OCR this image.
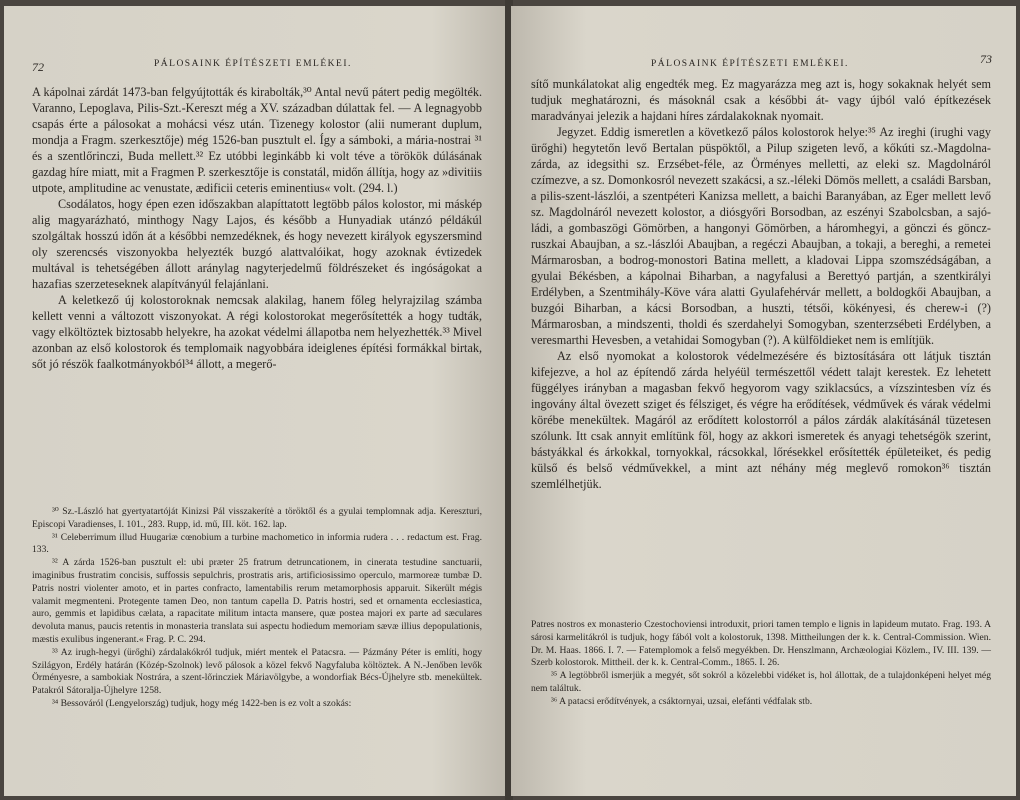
72	PÁLOSAINK ÉPÍTÉSZETI EMLÉKEI.

A kápolnai zárdát 1473-ban felgyújtották és kirabolták,³⁰ Antal nevű pátert pedig megölték. Varanno, Lepoglava, Pilis-Szt.-Kereszt még a XV. században dúlattak fel. — A legnagyobb csapás érte a pálosokat a mohácsi vész után. Tizenegy kolostor (alii numerant duplum, mondja a Fragm. szerkesztője) még 1526-ban pusztult el. Így a sámboki, a mária-nostrai ³¹ és a szentlőrinczi, Buda mellett.³² Ez utóbbi leginkább ki volt téve a törökök dúlásának gazdag híre miatt, mit a Fragmen P. szerkesztője is constatál, midőn állítja, hogy az »divitiis utpote, amplitudine ac venustate, ædificii ceteris eminentius« volt. (294. l.)

Csodálatos, hogy épen ezen időszakban alapíttatott legtöbb pálos kolostor, mi máskép alig magyarázható, minthogy Nagy Lajos, és később a Hunyadiak utánzó példákúl szolgáltak hosszú időn át a későbbi nemzedéknek, és hogy nevezett királyok egyszersmind oly szerencsés viszonyokba helyezték buzgó alattvalóikat, hogy azoknak évtizedek multával is tehetségében állott aránylag nagyterjedelmű földrészeket és ingóságokat a hazafias szerzeteseknek alapítványúl felajánlani.

A keletkező új kolostoroknak nemcsak alakilag, hanem főleg helyrajzilag számba kellett venni a változott viszonyokat. A régi kolostorokat megerősítették a hogy tudták, vagy elköltöztek biztosabb helyekre, ha azokat védelmi állapotba nem helyezhették.³³ Mivel azonban az első kolostorok és templomaik nagyobbára ideiglenes építési formákkal birtak, sőt jó részök faalkotmányokból³⁴ állott, a megerő-

³⁰ Sz.-László hat gyertyatartóját Kinizsi Pál visszakerítė a töröktől és a gyulai templomnak adja. Kereszturi, Episcopi Varadienses, I. 101., 283. Rupp, id. mű, III. köt. 162. lap.

³¹ Celeberrimum illud Huugariæ cœnobium a turbine machometico in informia rudera . . . redactum est. Frag. 133.

³² A zárda 1526-ban pusztult el: ubi præter 25 fratrum detruncationem, in cinerata testudine sanctuarii, imaginibus frustratim concisis, suffossis sepulchris, prostratis aris, artificiosissimo operculo, marmoreæ tumbæ D. Patris nostri violenter amoto, et in partes confracto, lamentabilis rerum metamorphosis apparuit. Sikerült mégis valamit megmenteni. Protegente tamen Deo, non tantum capella D. Patris hostri, sed et ornamenta ecclesiastica, auro, gemmis et lapidibus cælata, a rapacitate militum intacta mansere, quæ postea majori ex parte ad sæculares devoluta manus, paucis retentis in monasteria translata sui aspectu hodiedum memoriam sævæ illius depopulationis, mæstis exulibus ingenerant.« Frag. P. C. 294.

³³ Az irugh-hegyi (ürőghi) zárdalakókról tudjuk, miért mentek el Patacsra. — Pázmány Péter is említi, hogy Szilágyon, Erdély határán (Közép-Szolnok) levő pálosok a közel fekvő Nagyfaluba költöztek. A N.-Jenőben levők Örményesre, a sambokiak Nostrára, a szent-lőrincziek Máriavölgybe, a wondorfiak Bécs-Újhelyre stb. menekültek. Patakról Sátoralja-Újhelyre 1258.

³⁴ Bessováról (Lengyelország) tudjuk, hogy még 1422-ben is ez volt a szokás:

PÁLOSAINK ÉPÍTÉSZETI EMLÉKEI.	73

sítő munkálatokat alig engedték meg. Ez magyarázza meg azt is, hogy sokaknak helyét sem tudjuk meghatározni, és másoknál csak a későbbi át- vagy újból való építkezések maradványai jelezik a hajdani híres zárdalakoknak nyomait.

Jegyzet. Eddig ismeretlen a következő pálos kolostorok helye:³⁵ Az ireghi (irughi vagy ürőghi) hegytetőn levő Bertalan püspöktől, a Pilup szigeten levő, a kőkúti sz.-Magdolna-zárda, az idegsithi sz. Erzsébet-féle, az Örményes melletti, az eleki sz. Magdolnáról czímezve, a sz. Domonkosról nevezett szakácsi, a sz.-léleki Dömös mellett, a családi Barsban, a pilis-szent-lászlói, a szentpéteri Kanizsa mellett, a baichi Baranyában, az Eger mellett levő sz. Magdolnáról nevezett kolostor, a diósgyőri Borsodban, az eszényi Szabolcsban, a sajó-ládi, a gombaszögi Gömörben, a hangonyi Gömörben, a háromhegyi, a gönczi és göncz-ruszkai Abaujban, a sz.-lászlói Abaujban, a regéczi Abaujban, a tokaji, a bereghi, a remetei Mármarosban, a bodrog-monostori Batina mellett, a kladovai Lippa szomszédságában, a gyulai Békésben, a kápolnai Biharban, a nagyfalusi a Berettyó partján, a szentkirályi Erdélyben, a Szentmihály-Köve vára alatti Gyulafehérvár mellett, a boldogkői Abaujban, a buzgói Biharban, a kácsi Borsodban, a huszti, tétsői, kökényesi, és cherew-i (?) Mármarosban, a mindszenti, tholdi és szerdahelyi Somogyban, szenterzsébeti Erdélyben, a veresmarthi Hevesben, a vetahidai Somogyban (?). A külföldieket nem is említjük.

Az első nyomokat a kolostorok védelmezésére és biztosítására ott látjuk tisztán kifejezve, a hol az építendő zárda helyéül természettől védett talajt kerestek. Ez lehetett függélyes irányban a magasban fekvő hegyorom vagy sziklacsúcs, a vízszintesben víz és ingovány által övezett sziget és félsziget, és végre ha erődítések, védművek és várak védelmi körébe menekültek. Magáról az erődített kolostorról a pálos zárdák alakításánál tüzetesen szólunk. Itt csak annyit említünk föl, hogy az akkori ismeretek és anyagi tehetségök szerint, bástyákkal és árkokkal, tornyokkal, rácsokkal, lőrésekkel erősítették épületeiket, és pedig külső és belső védművekkel, a mint azt néhány még meglevő romokon³⁶ tisztán szemlélhetjük.

Patres nostros ex monasterio Czestochoviensi introduxit, priori tamen templo e lignis in lapideum mutato. Frag. 193. A sárosi karmelitákról is tudjuk, hogy fából volt a kolostoruk, 1398. Mittheilungen der k. k. Central-Commission. Wien. Dr. M. Haas. 1866. I. 7. — Fatemplomok a felső megyékben. Dr. Henszlmann, Archæologiai Közlem., IV. III. 139. — Szerb kolostorok. Mittheil. der k. k. Central-Comm., 1865. I. 26.

³⁵ A legtöbbről ismerjük a megyét, sőt sokról a közelebbi vidéket is, hol állottak, de a tulajdonképeni helyet még nem találtuk.

³⁶ A patacsi erődítvények, a csáktornyai, uzsai, elefánti védfalak stb.
